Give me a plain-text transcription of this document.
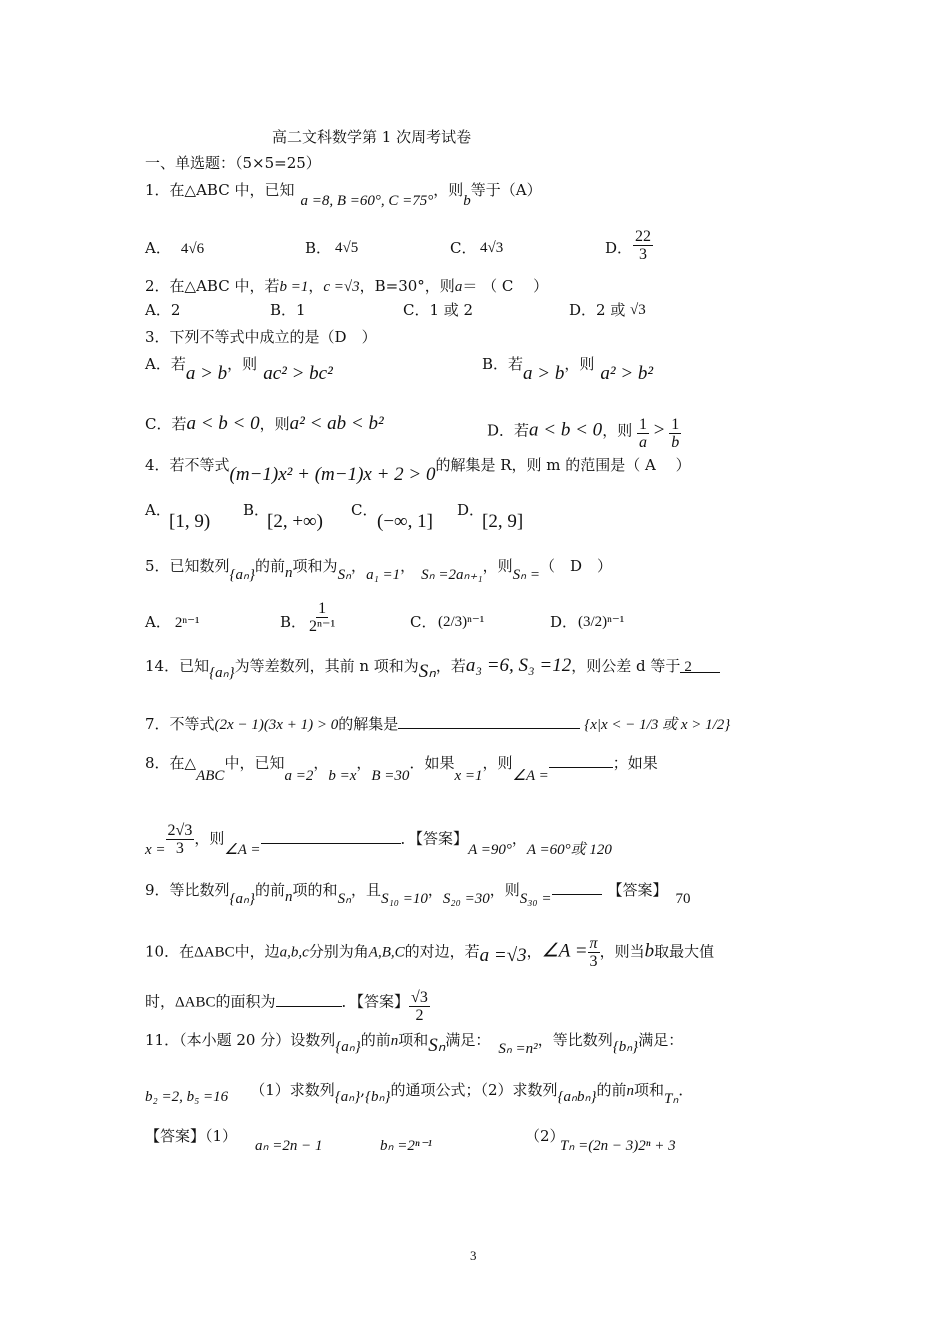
高二文科数学第 1 次周考试卷
一、单选题：（5×5=25）
1．在△ABC 中，已知a =8, B =60°, C =75°，则b等于（A）
A． 4√6	B． 4√5	C． 4√3	D． $\frac{22}{3}$
2．在△ABC 中，若b =1，c =√3，B=30°，则a＝ （ C　 ）
A．2	B．1	C．1 或 2	D．2 或 √3
3．下列不等式中成立的是（D　）
A．若a > b，则 ac² > bc²	B．若a > b，则 a² > b²
C．若a < b < 0，则a² < ab < b²	D．若a < b < 0，则 $\frac{1}{a} > \frac{1}{b}$
4．若不等式(m−1)x² + (m−1)x + 2 > 0的解集是 R，则 m 的范围是（ A　 ）
A．
[1, 9)
B．
[2, +∞)
C．
(−∞, 1]
D．
[2, 9]
5．已知数列{aₙ}的前n项和为Sₙ，a₁ =1， Sₙ =2aₙ₊₁，则Sₙ =（　D　）
A． 2ⁿ⁻¹	B． $\frac{1}{\text{2ⁿ⁻¹}}$	C． (2/3)ⁿ⁻¹	D． (3/2)ⁿ⁻¹
14．已知{aₙ}为等差数列，其前 n 项和为Sₙ，若a₃ =6, S₃ =12，则公差 d 等于 2
7．不等式(2x − 1)(3x + 1) > 0的解集是	{x|x < − 1/3 或 x > 1/2}
8．在△ABC中，已知a =2，b =x，B =30．如果x =1，则∠A =；如果
$x = \frac{2√3}{3}$ ，则∠A =．【答案】A =90°，A =60°或 120
9．等比数列{aₙ}的前n项的和Sₙ，且S₁₀ =10，S₂₀ =30，则S₃₀ =	【答案】 70
10．在ΔABC中，边a,b,c分别为角A,B,C的对边，若a =√3，∠A = $\frac{\pi}{3}$ ，则当b取最大值
时，ΔABC的面积为	．【答案】 $\frac{√3}{2}$
11．（本小题 20 分）设数列{aₙ}的前n项和Sₙ满足： Sₙ =n²，等比数列{bₙ}满足：
b₂ =2, b₅ =16 （1）求数列{aₙ},{bₙ}的通项公式；（2）求数列{aₙbₙ}的前n项和Tₙ．
【答案】（1）
aₙ =2n − 1	bₙ =2ⁿ⁻¹
（2）
Tₙ =(2n − 3)2ⁿ + 3
3
